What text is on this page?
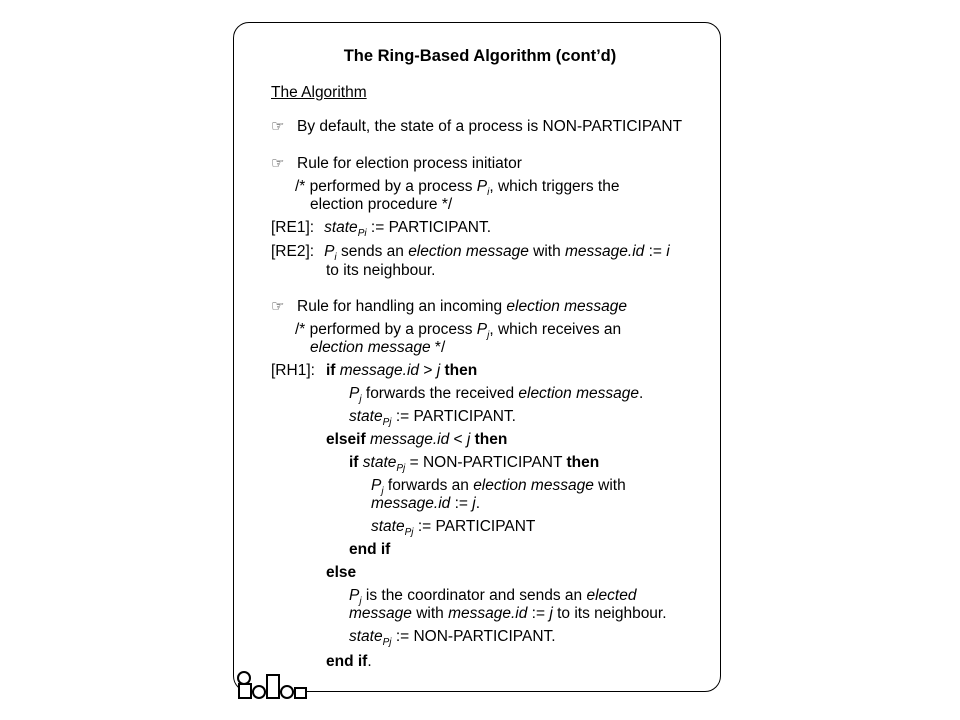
The Ring-Based Algorithm (cont’d)
The Algorithm
☞ By default, the state of a process is NON-PARTICIPANT
☞ Rule for election process initiator
/* performed by a process $P_i$, which triggers the
election procedure */
[RE1]: state$_{Pi}$ := PARTICIPANT.
[RE2]: $P_i$ sends an election message with message.id := i
to its neighbour.
☞ Rule for handling an incoming election message
/* performed by a process $P_j$, which receives an
election message */
[RH1]: if message.id > j then
$P_j$ forwards the received election message.
state$_{Pj}$ := PARTICIPANT.
elseif message.id < j then
if state$_{Pj}$ = NON-PARTICIPANT then
$P_j$ forwards an election message with
message.id := j.
state$_{Pj}$ := PARTICIPANT
end if
else
$P_j$ is the coordinator and sends an elected
message with message.id := j to its neighbour.
state$_{Pj}$ := NON-PARTICIPANT.
end if.
